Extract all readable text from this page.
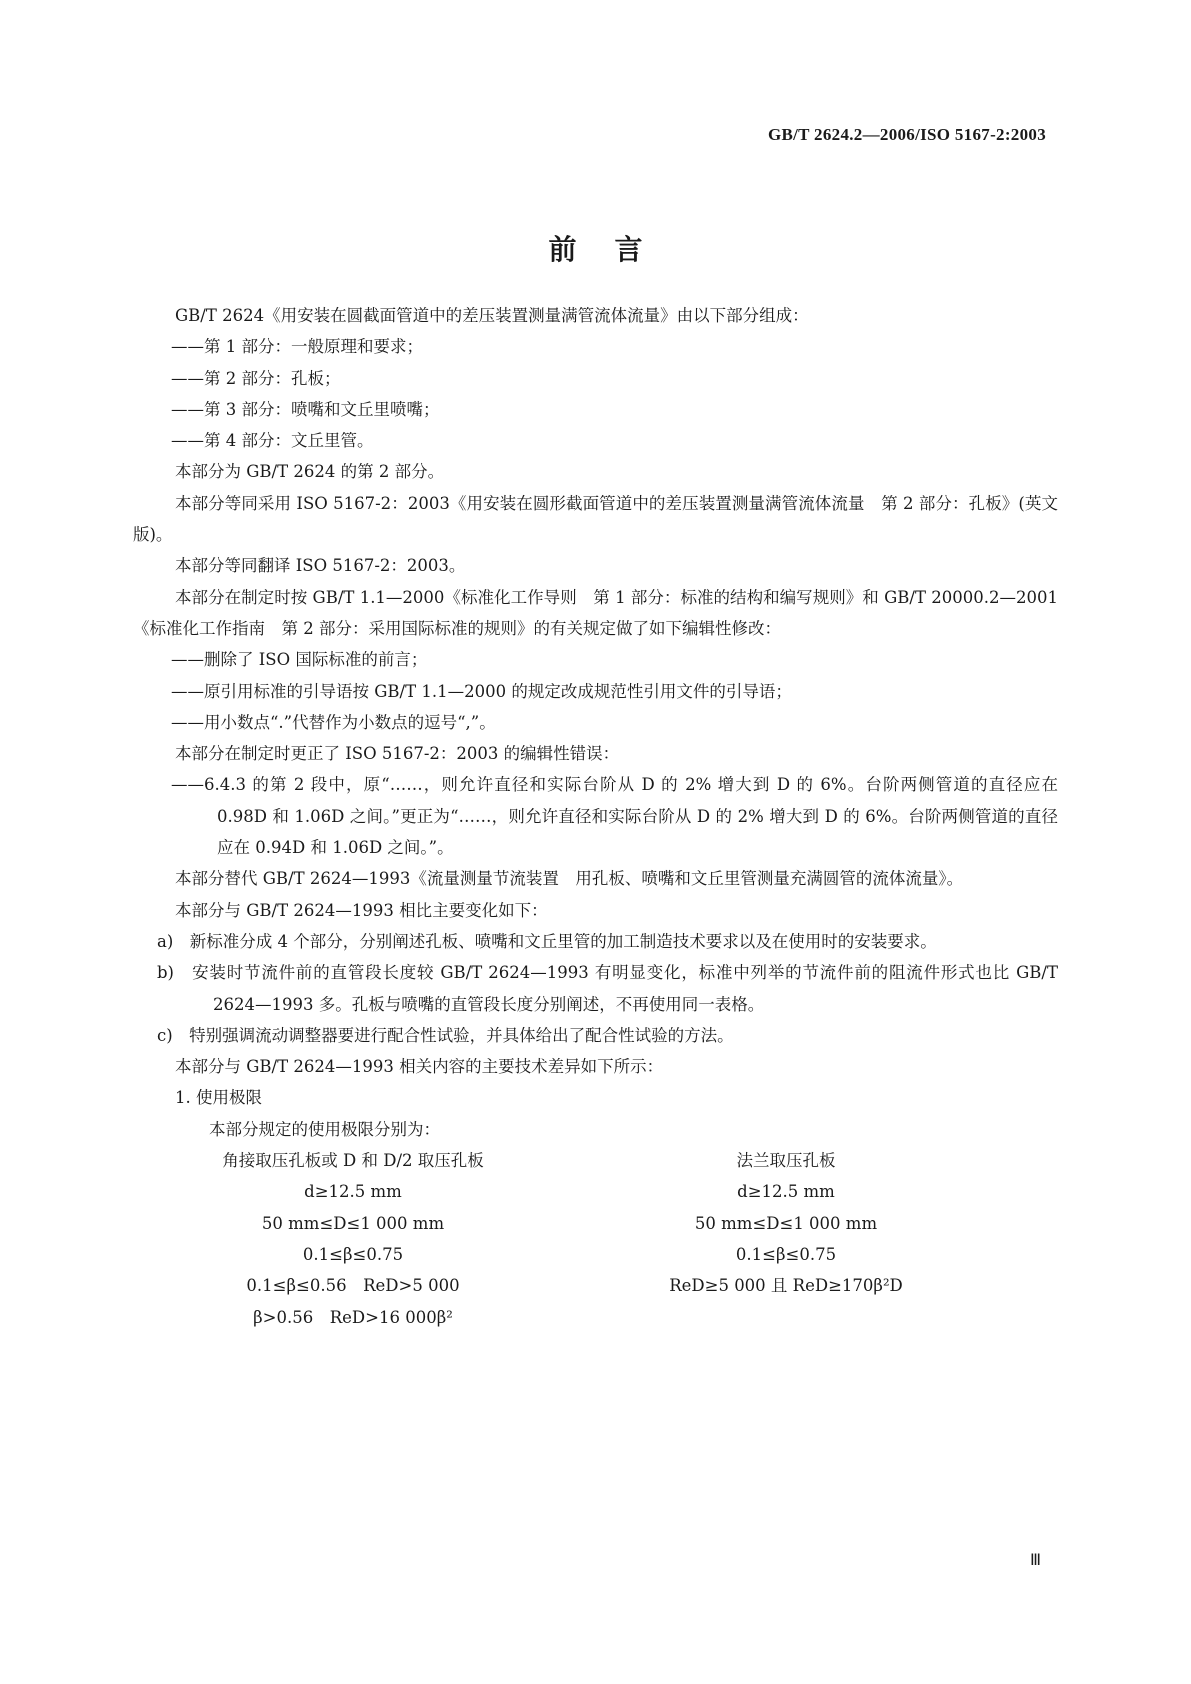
GB/T 2624.2—2006/ISO 5167-2:2003
前言

GB/T 2624《用安装在圆截面管道中的差压装置测量满管流体流量》由以下部分组成：

——第 1 部分：一般原理和要求；

——第 2 部分：孔板；

——第 3 部分：喷嘴和文丘里喷嘴；

——第 4 部分：文丘里管。

本部分为 GB/T 2624 的第 2 部分。

本部分等同采用 ISO 5167-2：2003《用安装在圆形截面管道中的差压装置测量满管流体流量　第 2 部分：孔板》(英文版)。

本部分等同翻译 ISO 5167-2：2003。

本部分在制定时按 GB/T 1.1—2000《标准化工作导则　第 1 部分：标准的结构和编写规则》和 GB/T 20000.2—2001《标准化工作指南　第 2 部分：采用国际标准的规则》的有关规定做了如下编辑性修改：

——删除了 ISO 国际标准的前言；

——原引用标准的引导语按 GB/T 1.1—2000 的规定改成规范性引用文件的引导语；

——用小数点“.”代替作为小数点的逗号“,”。

本部分在制定时更正了 ISO 5167-2：2003 的编辑性错误：

——6.4.3 的第 2 段中，原“……，则允许直径和实际台阶从 D 的 2% 增大到 D 的 6%。台阶两侧管道的直径应在 0.98D 和 1.06D 之间。”更正为“……，则允许直径和实际台阶从 D 的 2% 增大到 D 的 6%。台阶两侧管道的直径应在 0.94D 和 1.06D 之间。”。

本部分替代 GB/T 2624—1993《流量测量节流装置　用孔板、喷嘴和文丘里管测量充满圆管的流体流量》。

本部分与 GB/T 2624—1993 相比主要变化如下：

a)　新标准分成 4 个部分，分别阐述孔板、喷嘴和文丘里管的加工制造技术要求以及在使用时的安装要求。

b)　安装时节流件前的直管段长度较 GB/T 2624—1993 有明显变化，标准中列举的节流件前的阻流件形式也比 GB/T 2624—1993 多。孔板与喷嘴的直管段长度分别阐述，不再使用同一表格。

c)　特别强调流动调整器要进行配合性试验，并具体给出了配合性试验的方法。

本部分与 GB/T 2624—1993 相关内容的主要技术差异如下所示：

1. 使用极限

本部分规定的使用极限分别为：

角接取压孔板或 D 和 D/2 取压孔板
d≥12.5 mm
50 mm≤D≤1 000 mm
0.1≤β≤0.75
0.1≤β≤0.56　ReD>5 000
β>0.56　ReD>16 000β²
法兰取压孔板
d≥12.5 mm
50 mm≤D≤1 000 mm
0.1≤β≤0.75
ReD≥5 000 且 ReD≥170β²D
Ⅲ
